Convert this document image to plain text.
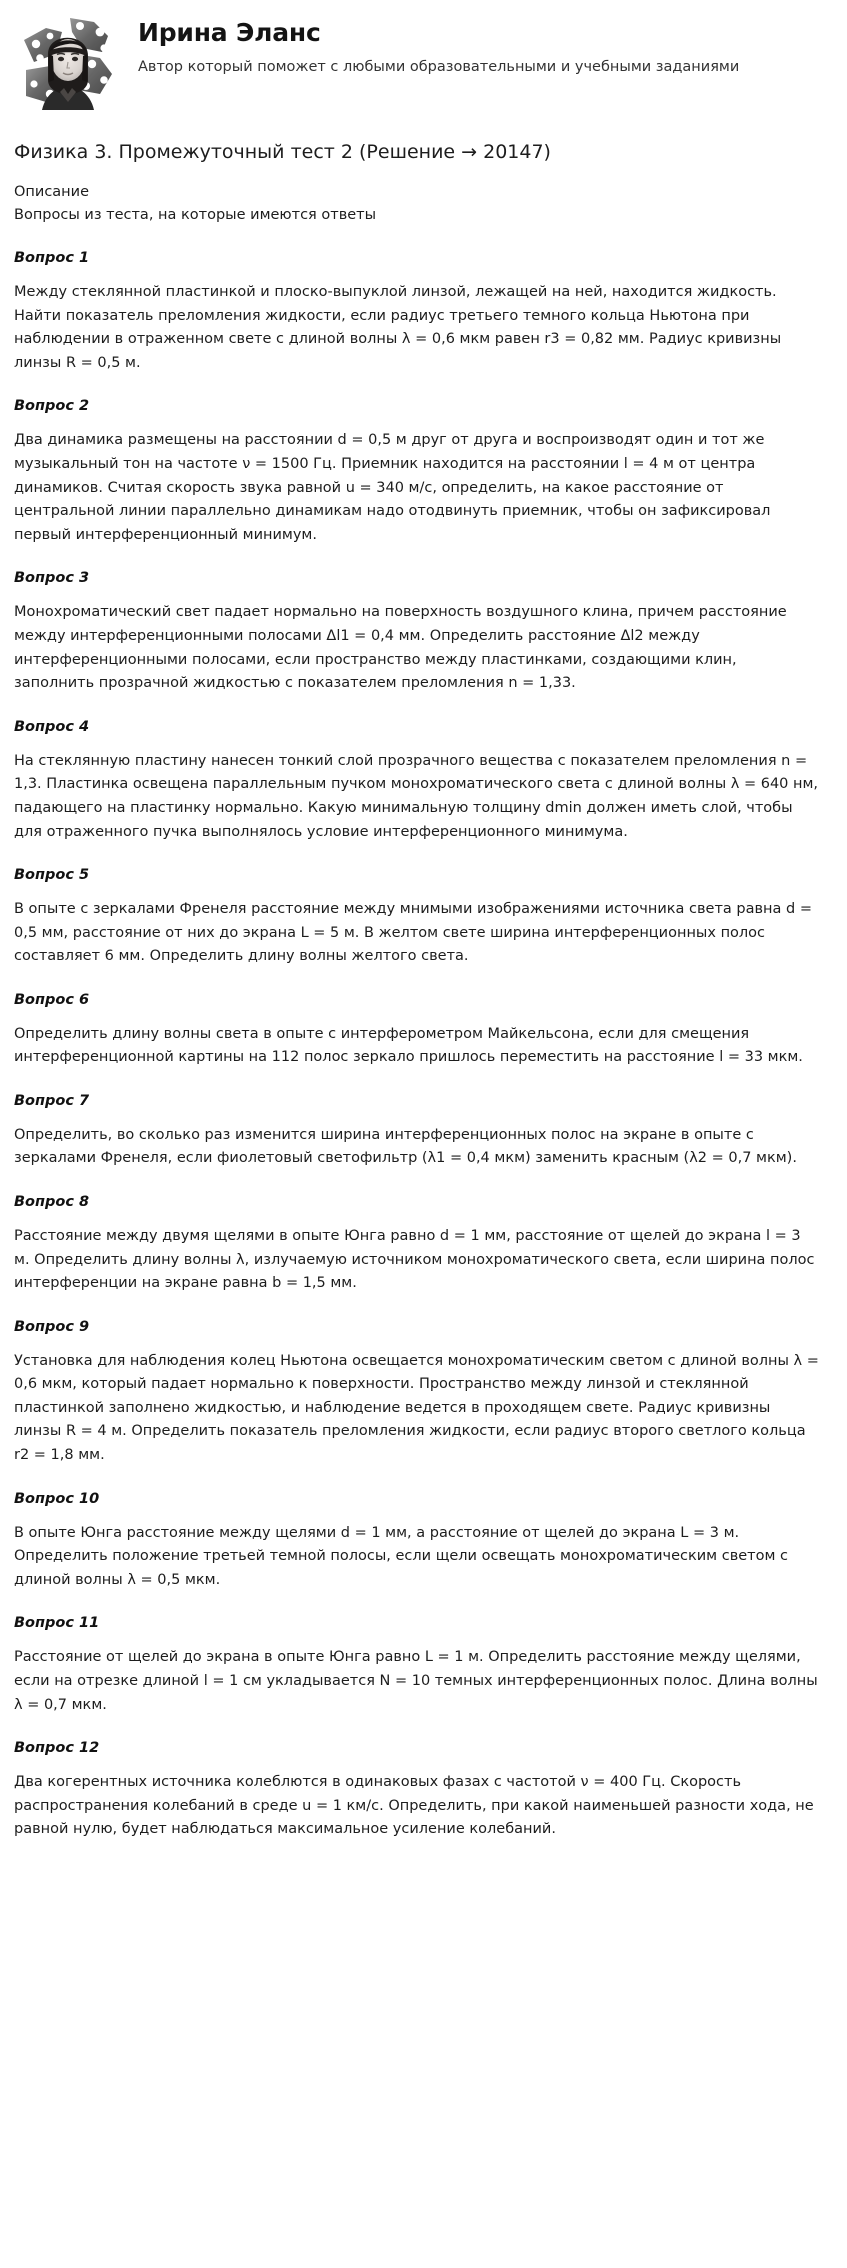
Ирина Эланс

Автор который поможет с любыми образовательными и учебными заданиями

Физика 3. Промежуточный тест 2 (Решение → 20147)

Описание

Вопросы из теста, на которые имеются ответы

Вопрос 1

Между стеклянной пластинкой и плоско-выпуклой линзой, лежащей на ней, находится жидкость. Найти показатель преломления жидкости, если радиус третьего темного кольца Ньютона при наблюдении в отраженном свете с длиной волны λ = 0,6 мкм равен r3 = 0,82 мм. Радиус кривизны линзы R = 0,5 м.

Вопрос 2

Два динамика размещены на расстоянии d = 0,5 м друг от друга и воспроизводят один и тот же музыкальный тон на частоте ν = 1500 Гц. Приемник находится на расстоянии l = 4 м от центра динамиков. Считая скорость звука равной u = 340 м/с, определить, на какое расстояние от центральной линии параллельно динамикам надо отодвинуть приемник, чтобы он зафиксировал первый интерференционный минимум.

Вопрос 3

Монохроматический свет падает нормально на поверхность воздушного клина, причем расстояние между интерференционными полосами Δl1 = 0,4 мм. Определить расстояние Δl2 между интерференционными полосами, если пространство между пластинками, создающими клин, заполнить прозрачной жидкостью с показателем преломления n = 1,33.

Вопрос 4

На стеклянную пластину нанесен тонкий слой прозрачного вещества с показателем преломления n = 1,3. Пластинка освещена параллельным пучком монохроматического света с длиной волны λ = 640 нм, падающего на пластинку нормально. Какую минимальную толщину dmin должен иметь слой, чтобы для отраженного пучка выполнялось условие интерференционного минимума.

Вопрос 5

В опыте с зеркалами Френеля расстояние между мнимыми изображениями источника света равна d = 0,5 мм, расстояние от них до экрана L = 5 м. В желтом свете ширина интерференционных полос составляет 6 мм. Определить длину волны желтого света.

Вопрос 6

Определить длину волны света в опыте с интерферометром Майкельсона, если для смещения интерференционной картины на 112 полос зеркало пришлось переместить на расстояние l = 33 мкм.

Вопрос 7

Определить, во сколько раз изменится ширина интерференционных полос на экране в опыте с зеркалами Френеля, если фиолетовый светофильтр (λ1 = 0,4 мкм) заменить красным (λ2 = 0,7 мкм).

Вопрос 8

Расстояние между двумя щелями в опыте Юнга равно d = 1 мм, расстояние от щелей до экрана l = 3 м. Определить длину волны λ, излучаемую источником монохроматического света, если ширина полос интерференции на экране равна b = 1,5 мм.

Вопрос 9

Установка для наблюдения колец Ньютона освещается монохроматическим светом с длиной волны λ = 0,6 мкм, который падает нормально к поверхности. Пространство между линзой и стеклянной пластинкой заполнено жидкостью, и наблюдение ведется в проходящем свете. Радиус кривизны линзы R = 4 м. Определить показатель преломления жидкости, если радиус второго светлого кольца r2 = 1,8 мм.

Вопрос 10

В опыте Юнга расстояние между щелями d = 1 мм, а расстояние от щелей до экрана L = 3 м. Определить положение третьей темной полосы, если щели освещать монохроматическим светом с длиной волны λ = 0,5 мкм.

Вопрос 11

Расстояние от щелей до экрана в опыте Юнга равно L = 1 м. Определить расстояние между щелями, если на отрезке длиной l = 1 см укладывается N = 10 темных интерференционных полос. Длина волны λ = 0,7 мкм.

Вопрос 12

Два когерентных источника колеблются в одинаковых фазах с частотой ν = 400 Гц. Скорость распространения колебаний в среде u = 1 км/с. Определить, при какой наименьшей разности хода, не равной нулю, будет наблюдаться максимальное усиление колебаний.
